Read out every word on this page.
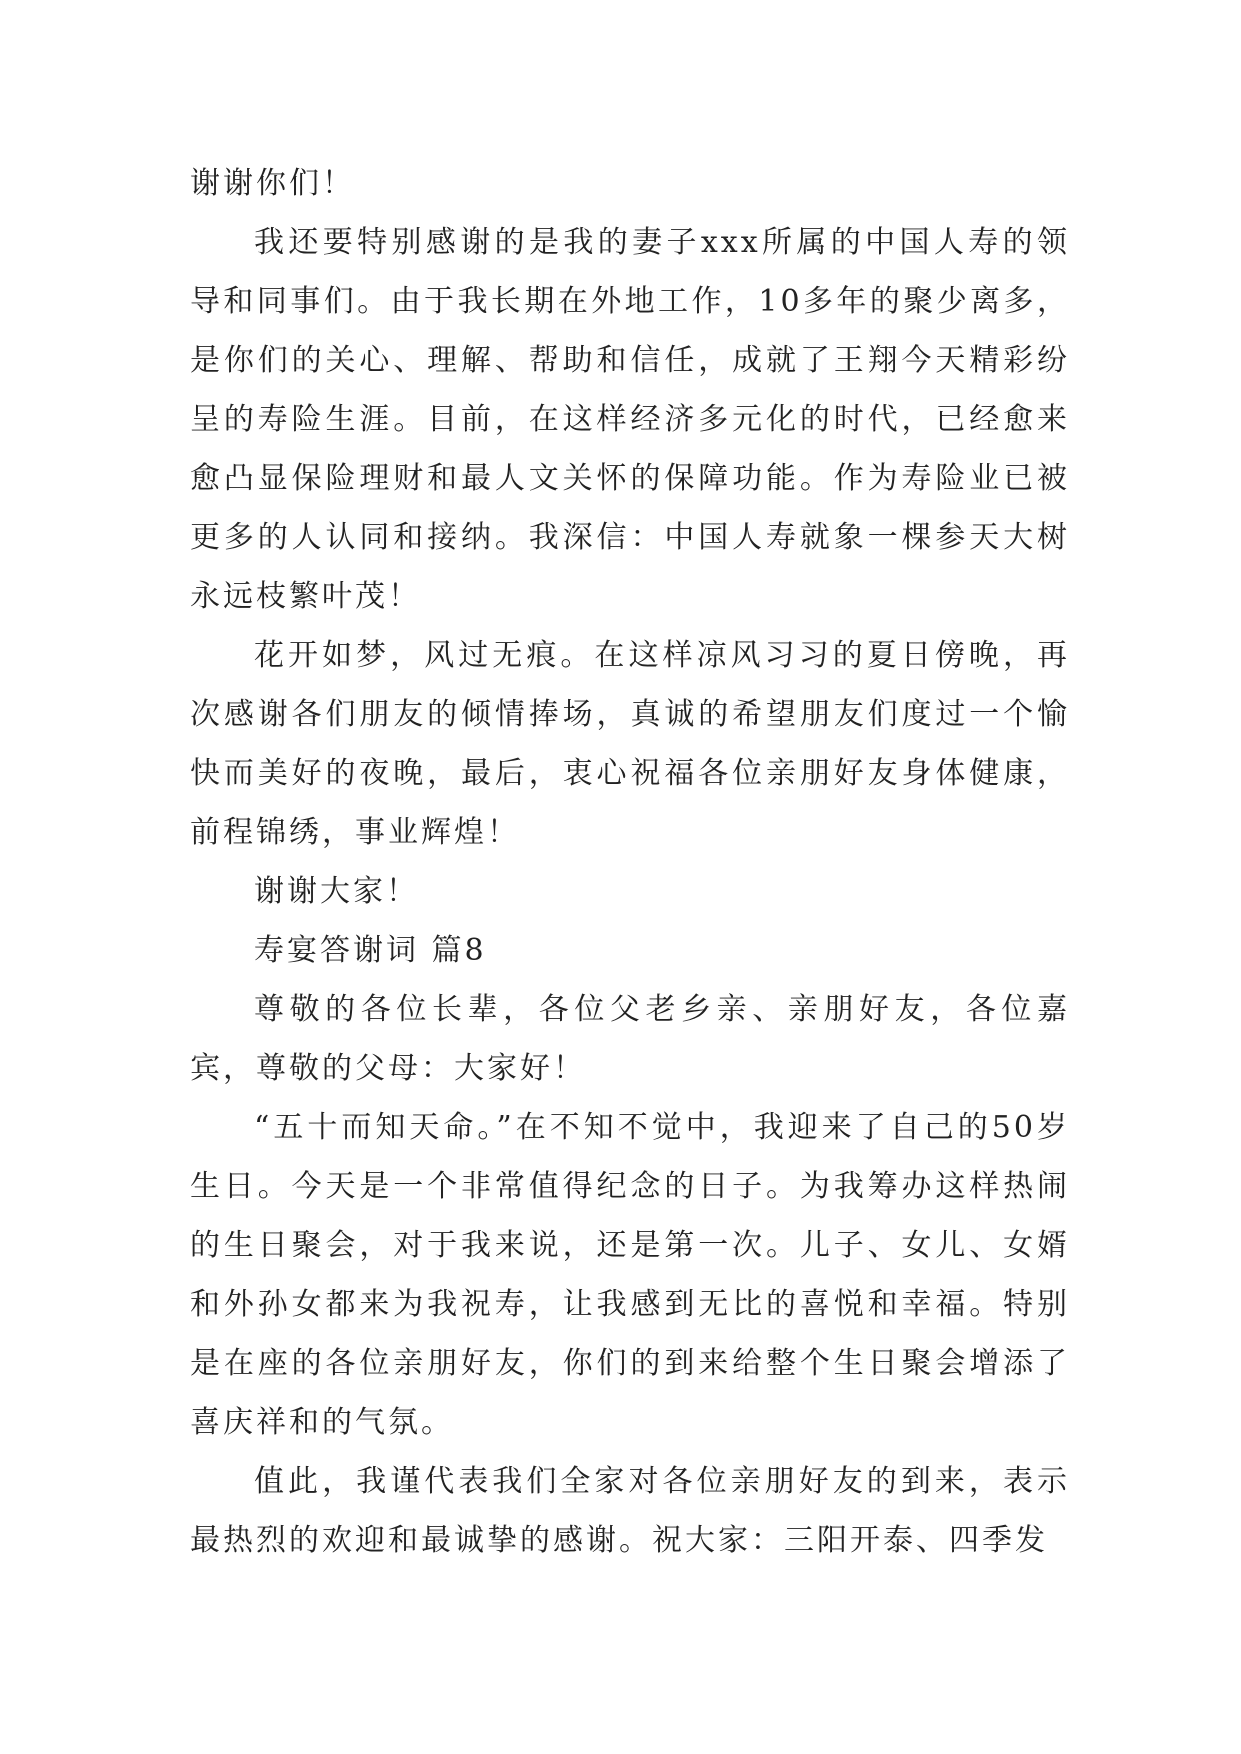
谢谢你们！

我还要特别感谢的是我的妻子xxx所属的中国人寿的领导和同事们。由于我长期在外地工作，10多年的聚少离多，是你们的关心、理解、帮助和信任，成就了王翔今天精彩纷呈的寿险生涯。目前，在这样经济多元化的时代，已经愈来愈凸显保险理财和最人文关怀的保障功能。作为寿险业已被更多的人认同和接纳。我深信：中国人寿就象一棵参天大树永远枝繁叶茂！

花开如梦，风过无痕。在这样凉风习习的夏日傍晚，再次感谢各们朋友的倾情捧场，真诚的希望朋友们度过一个愉快而美好的夜晚，最后，衷心祝福各位亲朋好友身体健康，前程锦绣，事业辉煌！

谢谢大家！

寿宴答谢词 篇8

尊敬的各位长辈，各位父老乡亲、亲朋好友，各位嘉宾，尊敬的父母：大家好！

“五十而知天命。”在不知不觉中，我迎来了自己的50岁生日。今天是一个非常值得纪念的日子。为我筹办这样热闹的生日聚会，对于我来说，还是第一次。儿子、女儿、女婿和外孙女都来为我祝寿，让我感到无比的喜悦和幸福。特别是在座的各位亲朋好友，你们的到来给整个生日聚会增添了喜庆祥和的气氛。

值此，我谨代表我们全家对各位亲朋好友的到来，表示最热烈的欢迎和最诚挚的感谢。祝大家：三阳开泰、四季发
